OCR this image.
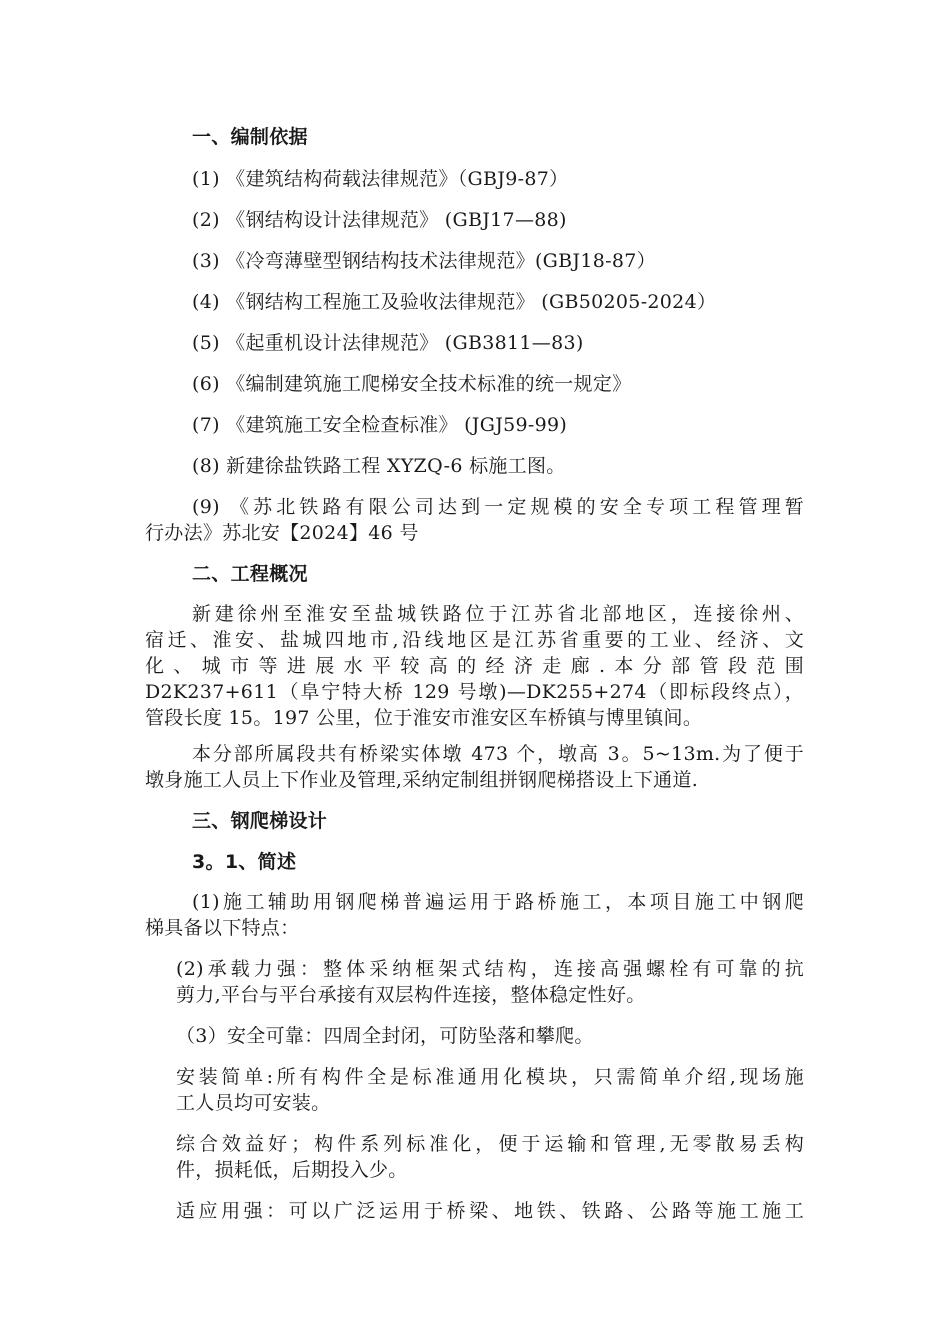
一、编制依据
(1) 《建筑结构荷载法律规范》（GBJ9-87）
(2) 《钢结构设计法律规范》 (GBJ17—88)
(3) 《冷弯薄壁型钢结构技术法律规范》(GBJ18-87）
(4) 《钢结构工程施工及验收法律规范》 (GB50205-2024）
(5) 《起重机设计法律规范》 (GB3811—83)
(6) 《编制建筑施工爬梯安全技术标准的统一规定》
(7) 《建筑施工安全检查标准》 (JGJ59-99)
(8) 新建徐盐铁路工程 XYZQ-6 标施工图。
(9) 《苏北铁路有限公司达到一定规模的安全专项工程管理暂
行办法》苏北安【2024】46 号
二、工程概况
新建徐州至淮安至盐城铁路位于江苏省北部地区，连接徐州、
宿迁、淮安、盐城四地市,沿线地区是江苏省重要的工业、经济、文
化、城市等进展水平较高的经济走廊.本分部管段范围
D2K237+611（阜宁特大桥 129 号墩)—DK255+274（即标段终点），
管段长度 15。197 公里，位于淮安市淮安区车桥镇与博里镇间。
本分部所属段共有桥梁实体墩 473 个，墩高 3。5~13m.为了便于
墩身施工人员上下作业及管理,采纳定制组拼钢爬梯搭设上下通道.
三、钢爬梯设计
3。1、简述
(1)施工辅助用钢爬梯普遍运用于路桥施工，本项目施工中钢爬
梯具备以下特点：
(2)承载力强：整体采纳框架式结构，连接高强螺栓有可靠的抗
剪力,平台与平台承接有双层构件连接，整体稳定性好。
（3）安全可靠：四周全封闭，可防坠落和攀爬。
安装简单:所有构件全是标准通用化模块，只需简单介绍,现场施
工人员均可安装。
综合效益好；构件系列标准化，便于运输和管理,无零散易丢构
件，损耗低，后期投入少。
适应用强：可以广泛运用于桥梁、地铁、铁路、公路等施工施工
